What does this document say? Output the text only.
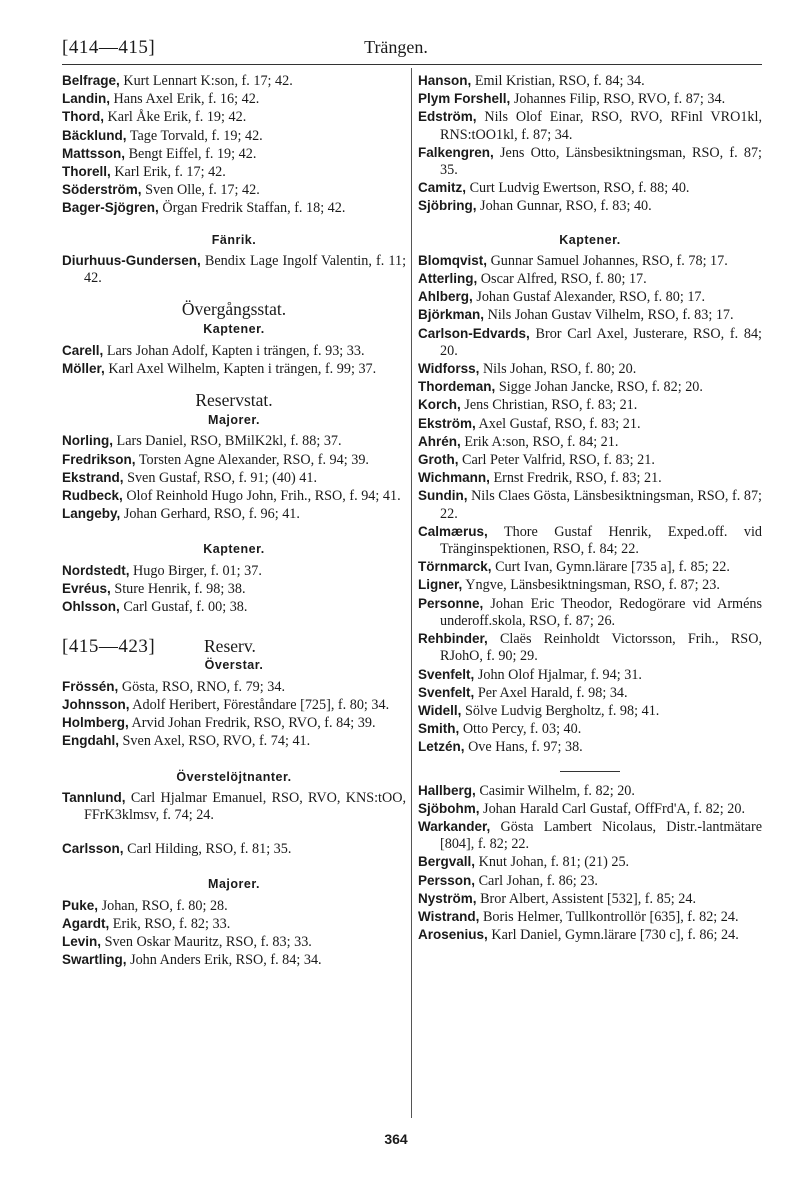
[414—415]	Trängen.

Belfrage, Kurt Lennart K:son, f. 17; 42.

Landin, Hans Axel Erik, f. 16; 42.

Thord, Karl Åke Erik, f. 19; 42.

Bäcklund, Tage Torvald, f. 19; 42.

Mattsson, Bengt Eiffel, f. 19; 42.

Thorell, Karl Erik, f. 17; 42.

Söderström, Sven Olle, f. 17; 42.

Bager-Sjögren, Örgan Fredrik Staffan, f. 18; 42.

Fänrik.

Diurhuus-Gundersen, Bendix Lage Ingolf Valentin, f. 11; 42.

Övergångsstat.
Kaptener.

Carell, Lars Johan Adolf, Kapten i trängen, f. 93; 33.

Möller, Karl Axel Wilhelm, Kapten i trängen, f. 99; 37.

Reservstat.
Majorer.

Norling, Lars Daniel, RSO, BMilK2kl, f. 88; 37.

Fredrikson, Torsten Agne Alexander, RSO, f. 94; 39.

Ekstrand, Sven Gustaf, RSO, f. 91; (40) 41.

Rudbeck, Olof Reinhold Hugo John, Frih., RSO, f. 94; 41.

Langeby, Johan Gerhard, RSO, f. 96; 41.

Kaptener.

Nordstedt, Hugo Birger, f. 01; 37.

Evréus, Sture Henrik, f. 98; 38.

Ohlsson, Carl Gustaf, f. 00; 38.

[415—423]	Reserv.
Överstar.

Frössén, Gösta, RSO, RNO, f. 79; 34.

Johnsson, Adolf Heribert, Föreståndare [725], f. 80; 34.

Holmberg, Arvid Johan Fredrik, RSO, RVO, f. 84; 39.

Engdahl, Sven Axel, RSO, RVO, f. 74; 41.

Överstelöjtnanter.

Tannlund, Carl Hjalmar Emanuel, RSO, RVO, KNS:tOO, FFrK3klmsv, f. 74; 24.

Carlsson, Carl Hilding, RSO, f. 81; 35.

Majorer.

Puke, Johan, RSO, f. 80; 28.

Agardt, Erik, RSO, f. 82; 33.

Levin, Sven Oskar Mauritz, RSO, f. 83; 33.

Swartling, John Anders Erik, RSO, f. 84; 34.

Hanson, Emil Kristian, RSO, f. 84; 34.

Plym Forshell, Johannes Filip, RSO, RVO, f. 87; 34.

Edström, Nils Olof Einar, RSO, RVO, RFinl VRO1kl, RNS:tOO1kl, f. 87; 34.

Falkengren, Jens Otto, Länsbesiktningsman, RSO, f. 87; 35.

Camitz, Curt Ludvig Ewertson, RSO, f. 88; 40.

Sjöbring, Johan Gunnar, RSO, f. 83; 40.

Kaptener.

Blomqvist, Gunnar Samuel Johannes, RSO, f. 78; 17.

Atterling, Oscar Alfred, RSO, f. 80; 17.

Ahlberg, Johan Gustaf Alexander, RSO, f. 80; 17.

Björkman, Nils Johan Gustav Vilhelm, RSO, f. 83; 17.

Carlson-Edvards, Bror Carl Axel, Justerare, RSO, f. 84; 20.

Widforss, Nils Johan, RSO, f. 80; 20.

Thordeman, Sigge Johan Jancke, RSO, f. 82; 20.

Korch, Jens Christian, RSO, f. 83; 21.

Ekström, Axel Gustaf, RSO, f. 83; 21.

Ahrén, Erik A:son, RSO, f. 84; 21.

Groth, Carl Peter Valfrid, RSO, f. 83; 21.

Wichmann, Ernst Fredrik, RSO, f. 83; 21.

Sundin, Nils Claes Gösta, Länsbesiktningsman, RSO, f. 87; 22.

Calmærus, Thore Gustaf Henrik, Exped.off. vid Tränginspektionen, RSO, f. 84; 22.

Törnmarck, Curt Ivan, Gymn.lärare [735 a], f. 85; 22.

Ligner, Yngve, Länsbesiktningsman, RSO, f. 87; 23.

Personne, Johan Eric Theodor, Redogörare vid Arméns underoff.skola, RSO, f. 87; 26.

Rehbinder, Claës Reinholdt Victorsson, Frih., RSO, RJohO, f. 90; 29.

Svenfelt, John Olof Hjalmar, f. 94; 31.

Svenfelt, Per Axel Harald, f. 98; 34.

Widell, Sölve Ludvig Bergholtz, f. 98; 41.

Smith, Otto Percy, f. 03; 40.

Letzén, Ove Hans, f. 97; 38.

Hallberg, Casimir Wilhelm, f. 82; 20.

Sjöbohm, Johan Harald Carl Gustaf, OffFrd'A, f. 82; 20.

Warkander, Gösta Lambert Nicolaus, Distr.-lantmätare [804], f. 82; 22.

Bergvall, Knut Johan, f. 81; (21) 25.

Persson, Carl Johan, f. 86; 23.

Nyström, Bror Albert, Assistent [532], f. 85; 24.

Wistrand, Boris Helmer, Tullkontrollör [635], f. 82; 24.

Arosenius, Karl Daniel, Gymn.lärare [730 c], f. 86; 24.

364
